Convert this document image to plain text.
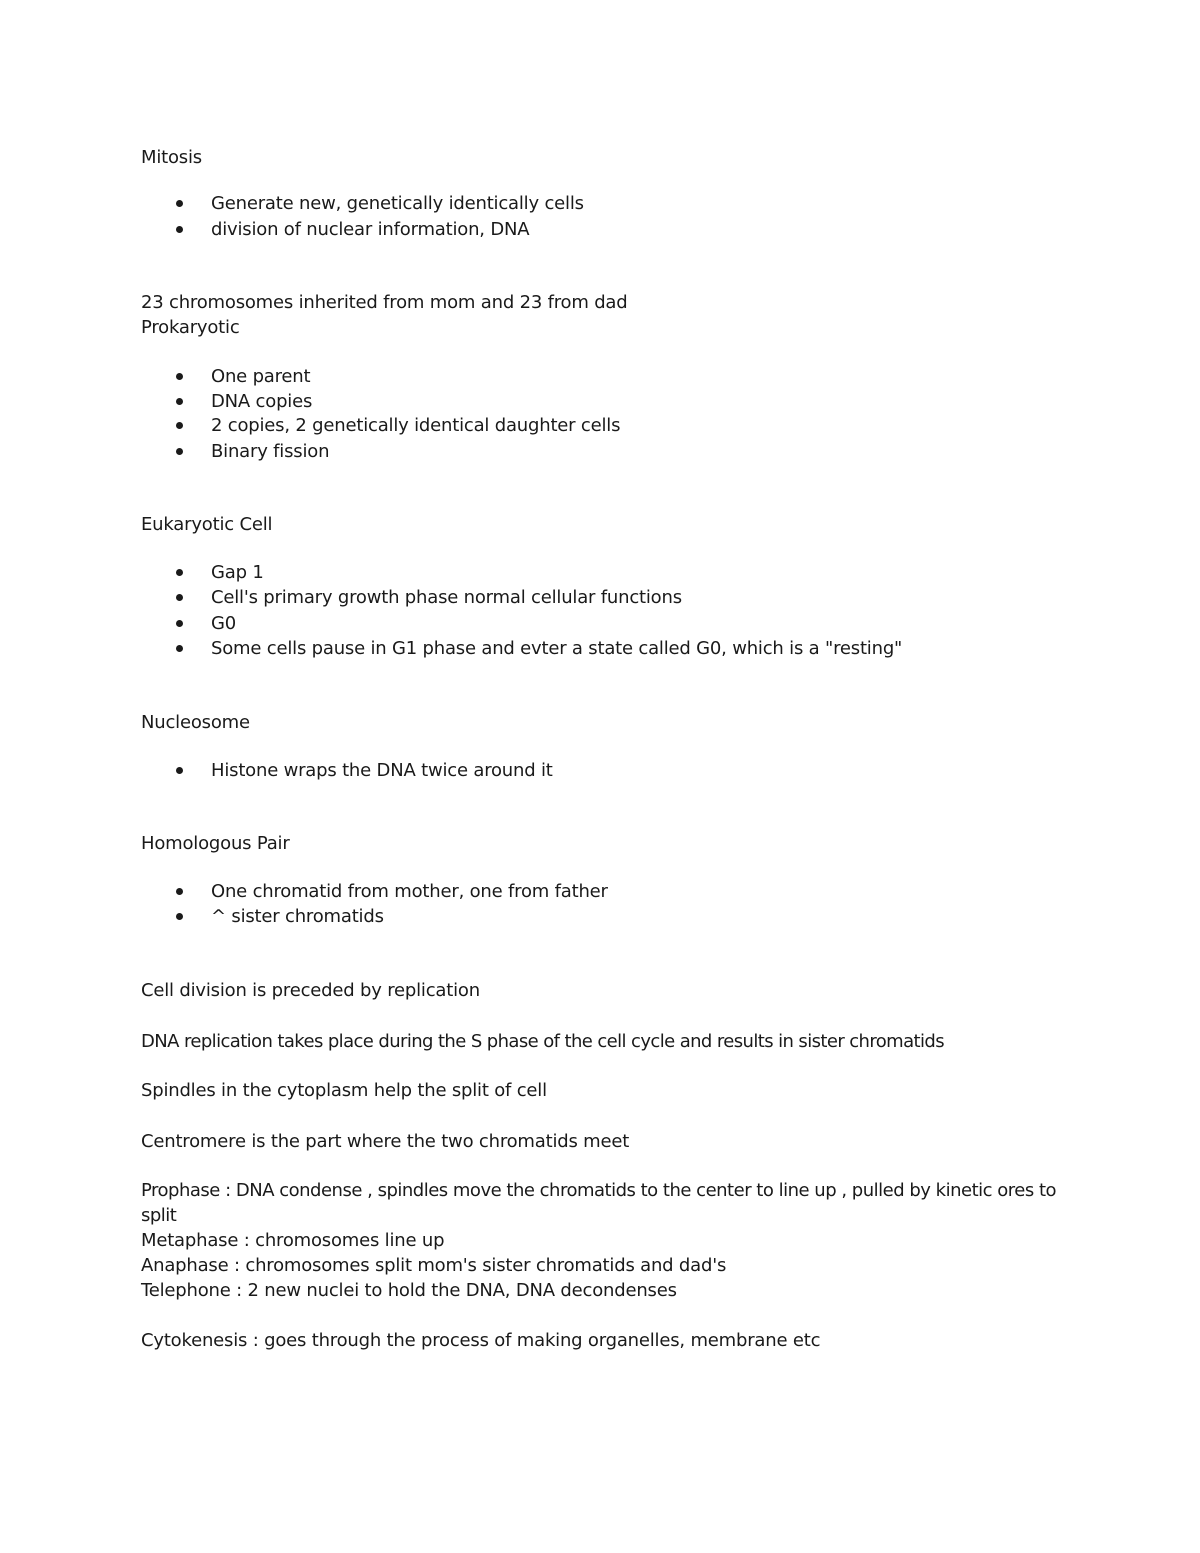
Mitosis
Generate new, genetically identically cells
division of nuclear information, DNA
23 chromosomes inherited from mom and 23 from dad
Prokaryotic
One parent
DNA copies
2 copies, 2 genetically identical daughter cells
Binary fission
Eukaryotic Cell
Gap 1
Cell's primary growth phase normal cellular functions
G0
Some cells pause in G1 phase and evter a state called G0, which is a "resting"
Nucleosome
Histone wraps the DNA twice around it
Homologous Pair
One chromatid from mother, one from father
^ sister chromatids
Cell division is preceded by replication
DNA replication takes place during the S phase of the cell cycle and results in sister chromatids
Spindles in the cytoplasm help the split of cell
Centromere is the part where the two chromatids meet
Prophase : DNA condense , spindles move the chromatids to the center to line up , pulled by kinetic ores to split
Metaphase : chromosomes line up
Anaphase : chromosomes split mom's sister chromatids and dad's
Telephone : 2 new nuclei to hold the DNA, DNA decondenses
Cytokenesis : goes through the process of making organelles, membrane etc
